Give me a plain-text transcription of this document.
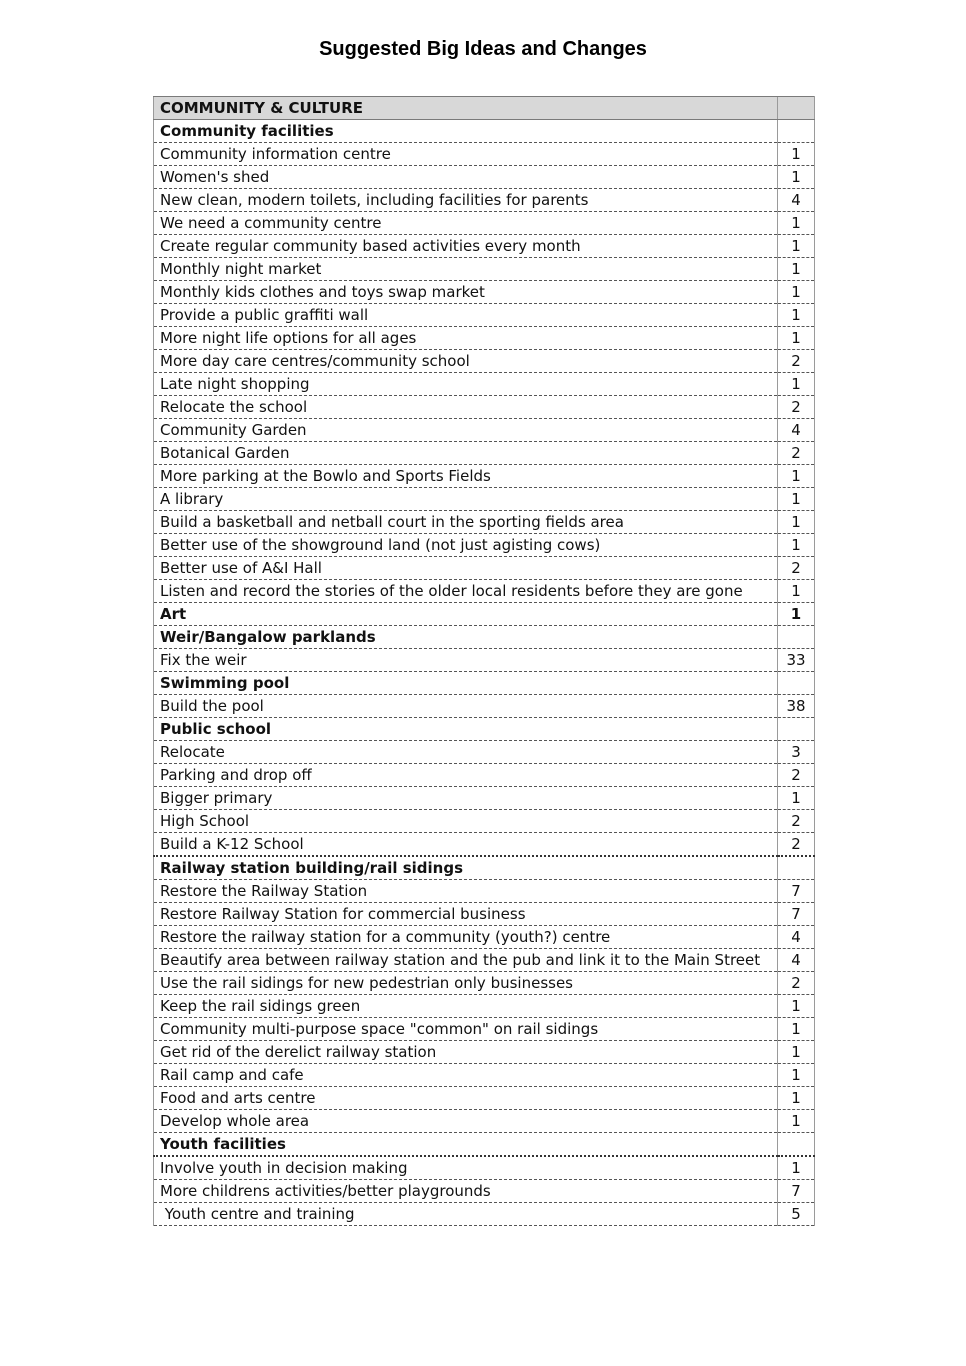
Suggested Big Ideas and Changes
COMMUNITY & CULTURE	
Community facilities	
Community information centre	1
Women's shed	1
New clean, modern toilets, including facilities for parents	4
We need a community centre	1
Create regular community based activities every month	1
Monthly night market	1
Monthly kids clothes and toys swap market	1
Provide a public graffiti wall	1
More night life options for all ages	1
More day care centres/community school	2
Late night shopping	1
Relocate the school	2
Community Garden	4
Botanical Garden	2
More parking at the Bowlo and Sports Fields	1
A library	1
Build a basketball and netball court in the sporting fields area	1
Better use of the showground land (not just agisting cows)	1
Better use of A&I Hall	2
Listen and record the stories of the older local residents before they are gone	1
Art	1
Weir/Bangalow parklands	
Fix the weir	33
Swimming pool	
Build the pool	38
Public school	
Relocate	3
Parking and drop off	2
Bigger primary	1
High School	2
Build a K-12 School	2
Railway station building/rail sidings	
Restore the Railway Station	7
Restore Railway Station for commercial business	7
Restore the railway station for a community (youth?) centre	4
Beautify area between railway station and the pub and link it to the Main Street	4
Use the rail sidings for new pedestrian only businesses	2
Keep the rail sidings green	1
Community multi-purpose space "common" on rail sidings	1
Get rid of the derelict railway station	1
Rail camp and cafe	1
Food and arts centre	1
Develop whole area	1
Youth facilities	
Involve youth in decision making	1
More childrens activities/better playgrounds	7
Youth centre and training	5
